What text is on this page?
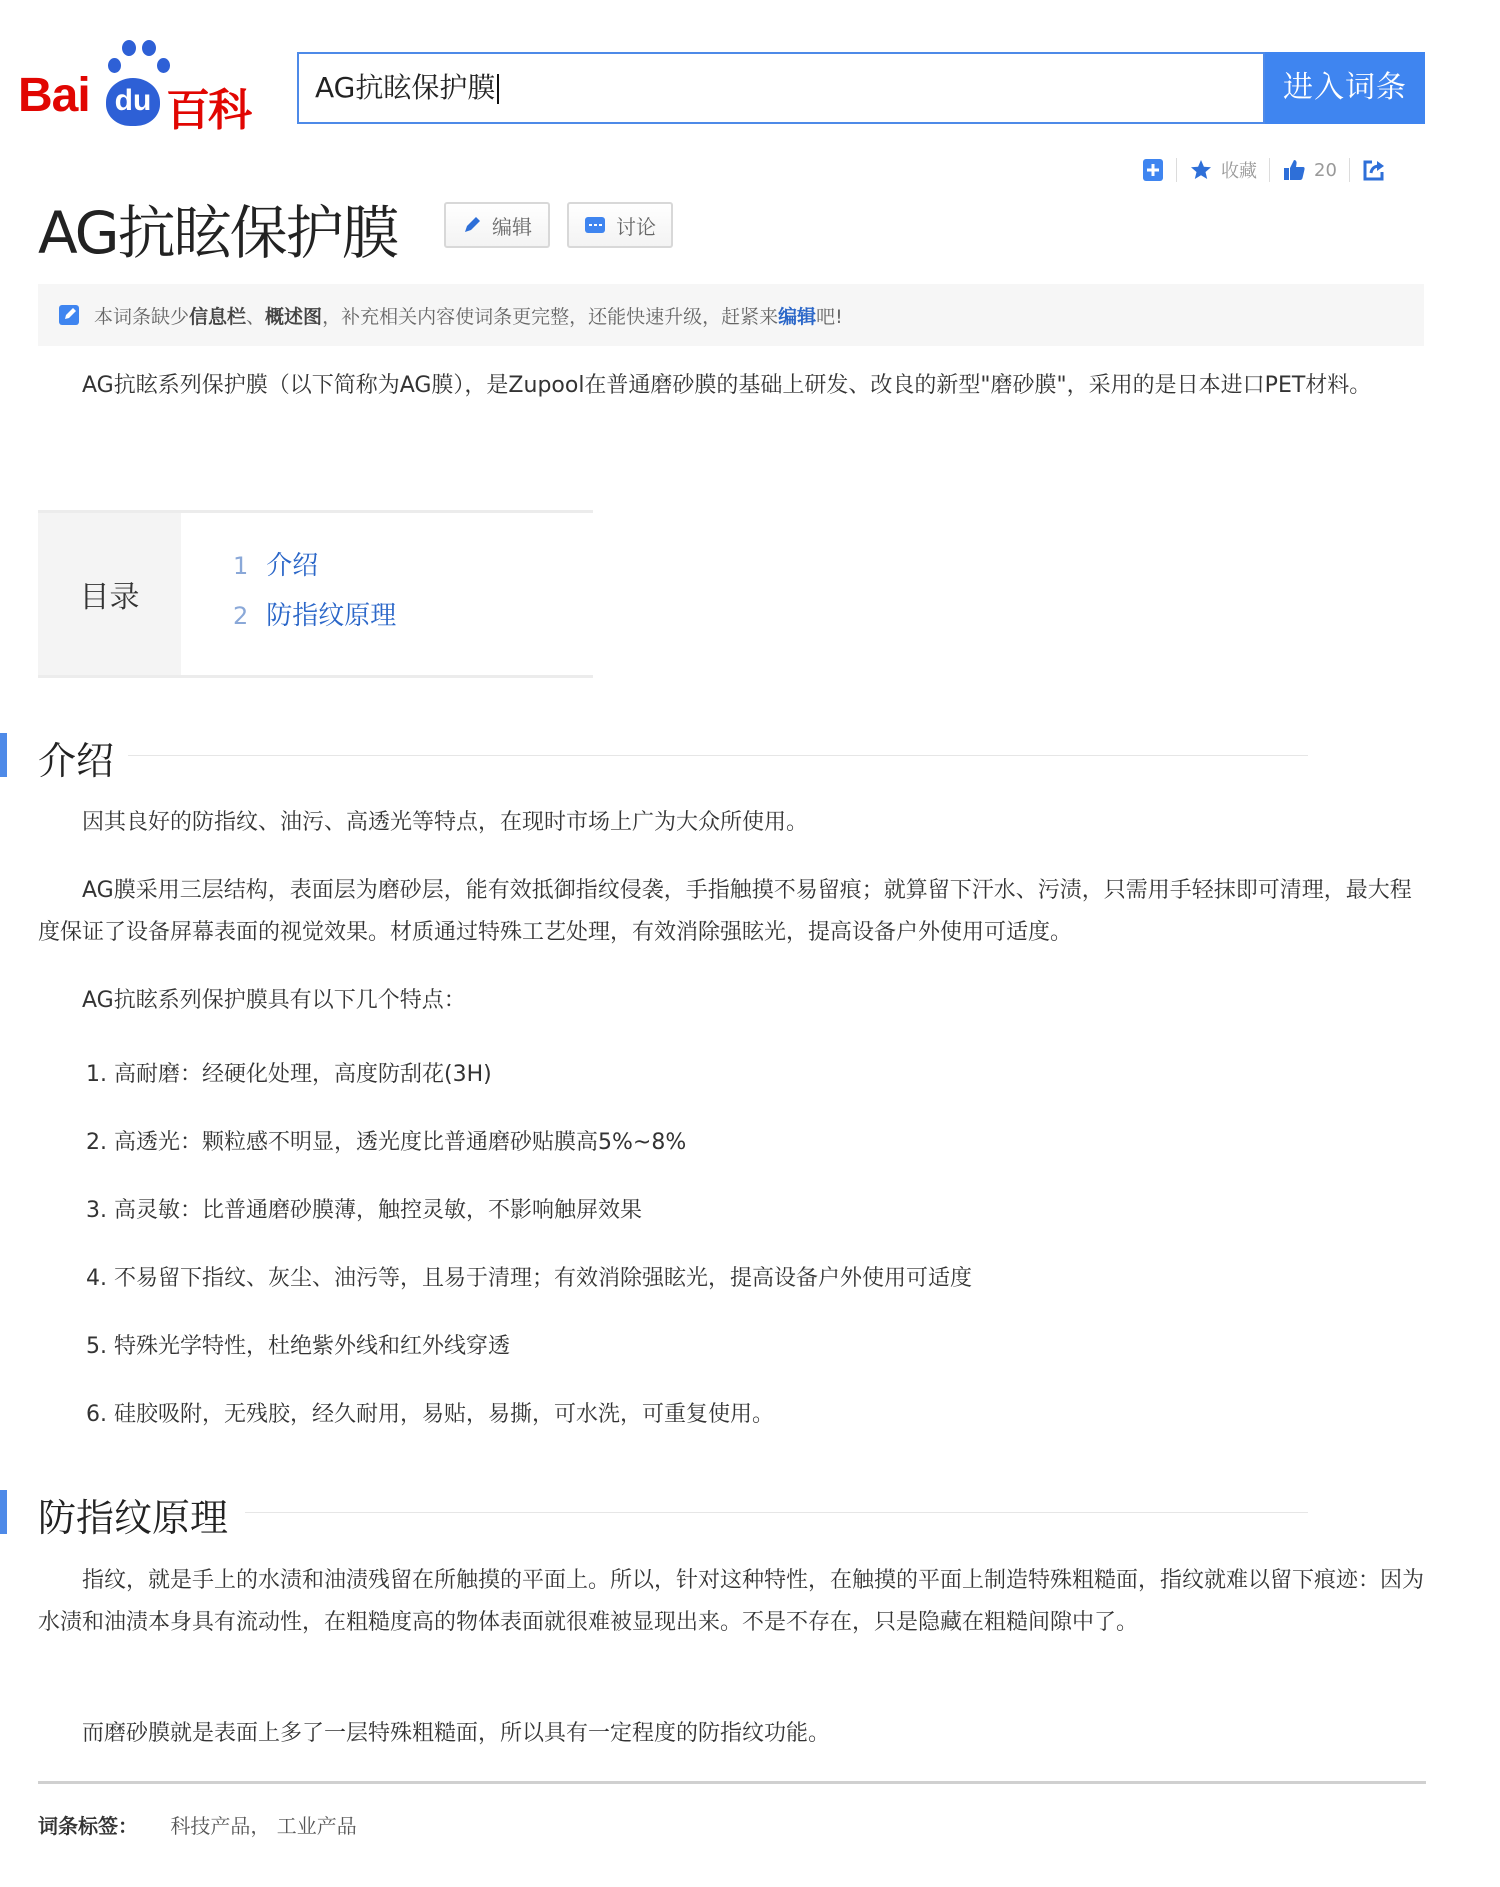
Bai du 百科 AG抗眩保护膜	进入词条
收藏	20
AG抗眩保护膜	编辑	讨论
本词条缺少 信息栏 、 概述图 ，补充相关内容使词条更完整，还能快速升级，赶紧来 编辑 吧!

AG抗眩系列保护膜（以下简称为AG膜），是Zupool在普通磨砂膜的基础上研发、改良的新型"磨砂膜"，采用的是日本进口PET材料。

目录
1 介绍
2 防指纹原理
介绍

因其良好的防指纹、油污、高透光等特点，在现时市场上广为大众所使用。

AG膜采用三层结构，表面层为磨砂层，能有效抵御指纹侵袭，手指触摸不易留痕；就算留下汗水、污渍，只需用手轻抹即可清理，最大程度保证了设备屏幕表面的视觉效果。材质通过特殊工艺处理，有效消除强眩光，提高设备户外使用可适度。

AG抗眩系列保护膜具有以下几个特点：

1. 高耐磨：经硬化处理，高度防刮花(3H)
2. 高透光：颗粒感不明显，透光度比普通磨砂贴膜高5%~8%
3. 高灵敏：比普通磨砂膜薄，触控灵敏，不影响触屏效果
4. 不易留下指纹、灰尘、油污等，且易于清理；有效消除强眩光，提高设备户外使用可适度
5. 特殊光学特性，杜绝紫外线和红外线穿透
6. 硅胶吸附，无残胶，经久耐用，易贴，易撕，可水洗，可重复使用。
防指纹原理

指纹，就是手上的水渍和油渍残留在所触摸的平面上。所以，针对这种特性，在触摸的平面上制造特殊粗糙面，指纹就难以留下痕迹：因为水渍和油渍本身具有流动性，在粗糙度高的物体表面就很难被显现出来。不是不存在，只是隐藏在粗糙间隙中了。

而磨砂膜就是表面上多了一层特殊粗糙面，所以具有一定程度的防指纹功能。

词条标签： 科技产品， 工业产品
